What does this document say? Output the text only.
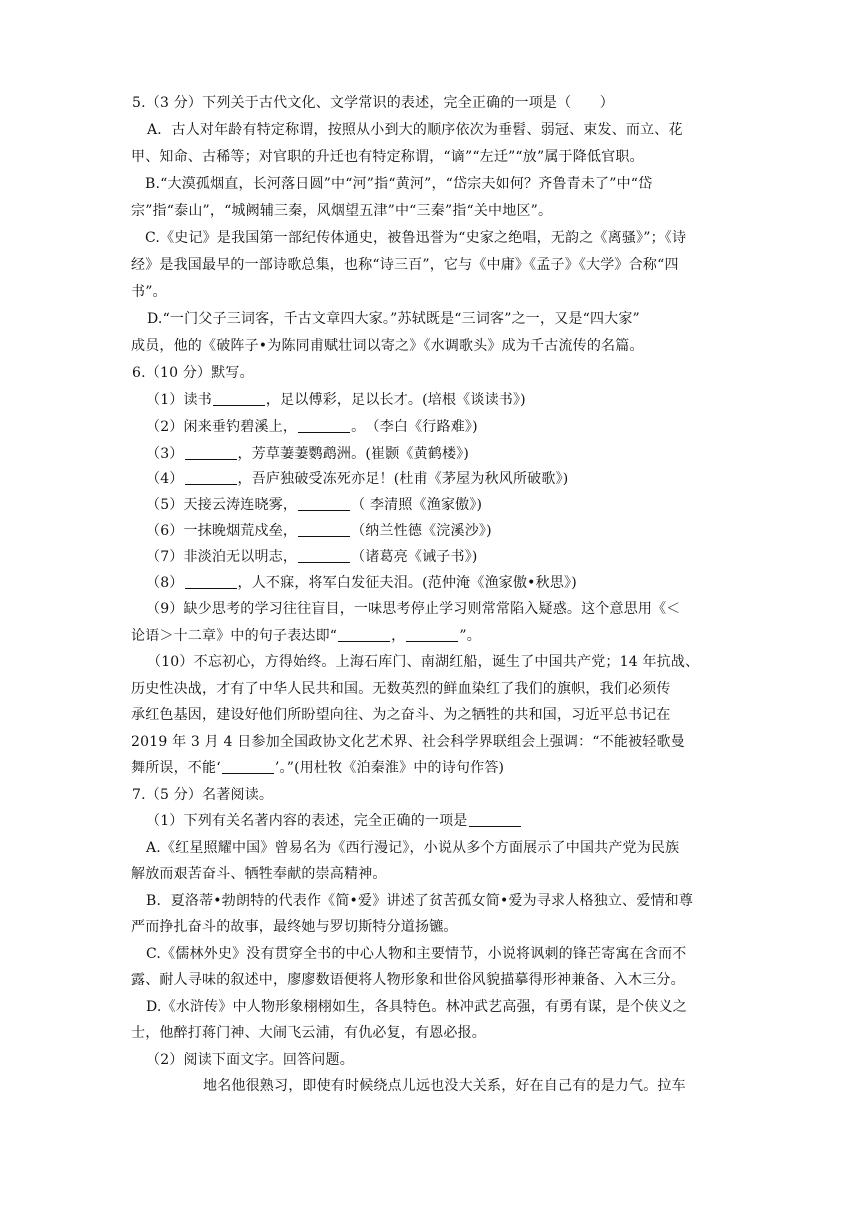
5.（3 分）下列关于古代文化、文学常识的表述，完全正确的一项是（　　）
A．古人对年龄有特定称谓，按照从小到大的顺序依次为垂髫、弱冠、束发、而立、花
甲、知命、古稀等；对官职的升迁也有特定称谓，“谪”“左迁”“放”属于降低官职。
B.“大漠孤烟直，长河落日圆”中“河”指“黄河”，“岱宗夫如何？齐鲁青未了”中“岱
宗”指“泰山”，“城阙辅三秦，风烟望五津”中“三秦”指“关中地区”。
C.《史记》是我国第一部纪传体通史，被鲁迅誉为“史家之绝唱，无韵之《离骚》”；《诗
经》是我国最早的一部诗歌总集，也称“诗三百”，它与《中庸》《孟子》《大学》合称“四
书”。
D.“一门父子三词客，千古文章四大家。”苏轼既是“三词客”之一，又是“四大家”
成员，他的《破阵子•为陈同甫赋壮词以寄之》《水调歌头》成为千古流传的名篇。
6.（10 分）默写。
（1）读书	，足以傅彩，足以长才。(培根《谈读书》)
（2）闲来垂钓碧溪上，	。　（李白《行路难》)
（3）	，芳草萋萋鹦鹉洲。(崔颢《黄鹤楼》)
（4）	，吾庐独破受冻死亦足！(杜甫《茅屋为秋风所破歌》)
（5）天接云涛连晓雾，	（ 李清照《渔家傲》)
（6）一抹晚烟荒戍垒，	（纳兰性德《浣溪沙》)
（7）非淡泊无以明志，	（诸葛亮《诫子书》)
（8）	，人不寐，将军白发征夫泪。(范仲淹《渔家傲•秋思》)
（9）缺少思考的学习往往盲目，一味思考停止学习则常常陷入疑惑。这个意思用《＜
论语＞十二章》中的句子表达即“	，	”。
（10）不忘初心，方得始终。上海石库门、南湖红船，诞生了中国共产党；14 年抗战、
历史性决战，才有了中华人民共和国。无数英烈的鲜血染红了我们的旗帜，我们必须传
承红色基因，建设好他们所盼望向往、为之奋斗、为之牺牲的共和国，习近平总书记在
2019 年 3 月 4 日参加全国政协文化艺术界、社会科学界联组会上强调：“不能被轻歌曼
舞所误，不能‘	’。”(用杜牧《泊秦淮》中的诗句作答)
7.（5 分）名著阅读。
（1）下列有关名著内容的表述，完全正确的一项是
A.《红星照耀中国》曾易名为《西行漫记》，小说从多个方面展示了中国共产党为民族
解放而艰苦奋斗、牺牲奉献的崇高精神。
B．夏洛蒂•勃朗特的代表作《简•爱》讲述了贫苦孤女简•爱为寻求人格独立、爱情和尊
严而挣扎奋斗的故事，最终她与罗切斯特分道扬镳。
C.《儒林外史》没有贯穿全书的中心人物和主要情节，小说将讽刺的锋芒寄寓在含而不
露、耐人寻味的叙述中，廖廖数语便将人物形象和世俗风貌描摹得形神兼备、入木三分。
D.《水浒传》中人物形象栩栩如生，各具特色。林冲武艺高强，有勇有谋，是个侠义之
士，他醉打蒋门神、大闹飞云浦，有仇必复，有恩必报。
（2）阅读下面文字。回答问题。
地名他很熟习，即使有时候绕点儿远也没大关系，好在自己有的是力气。拉车
